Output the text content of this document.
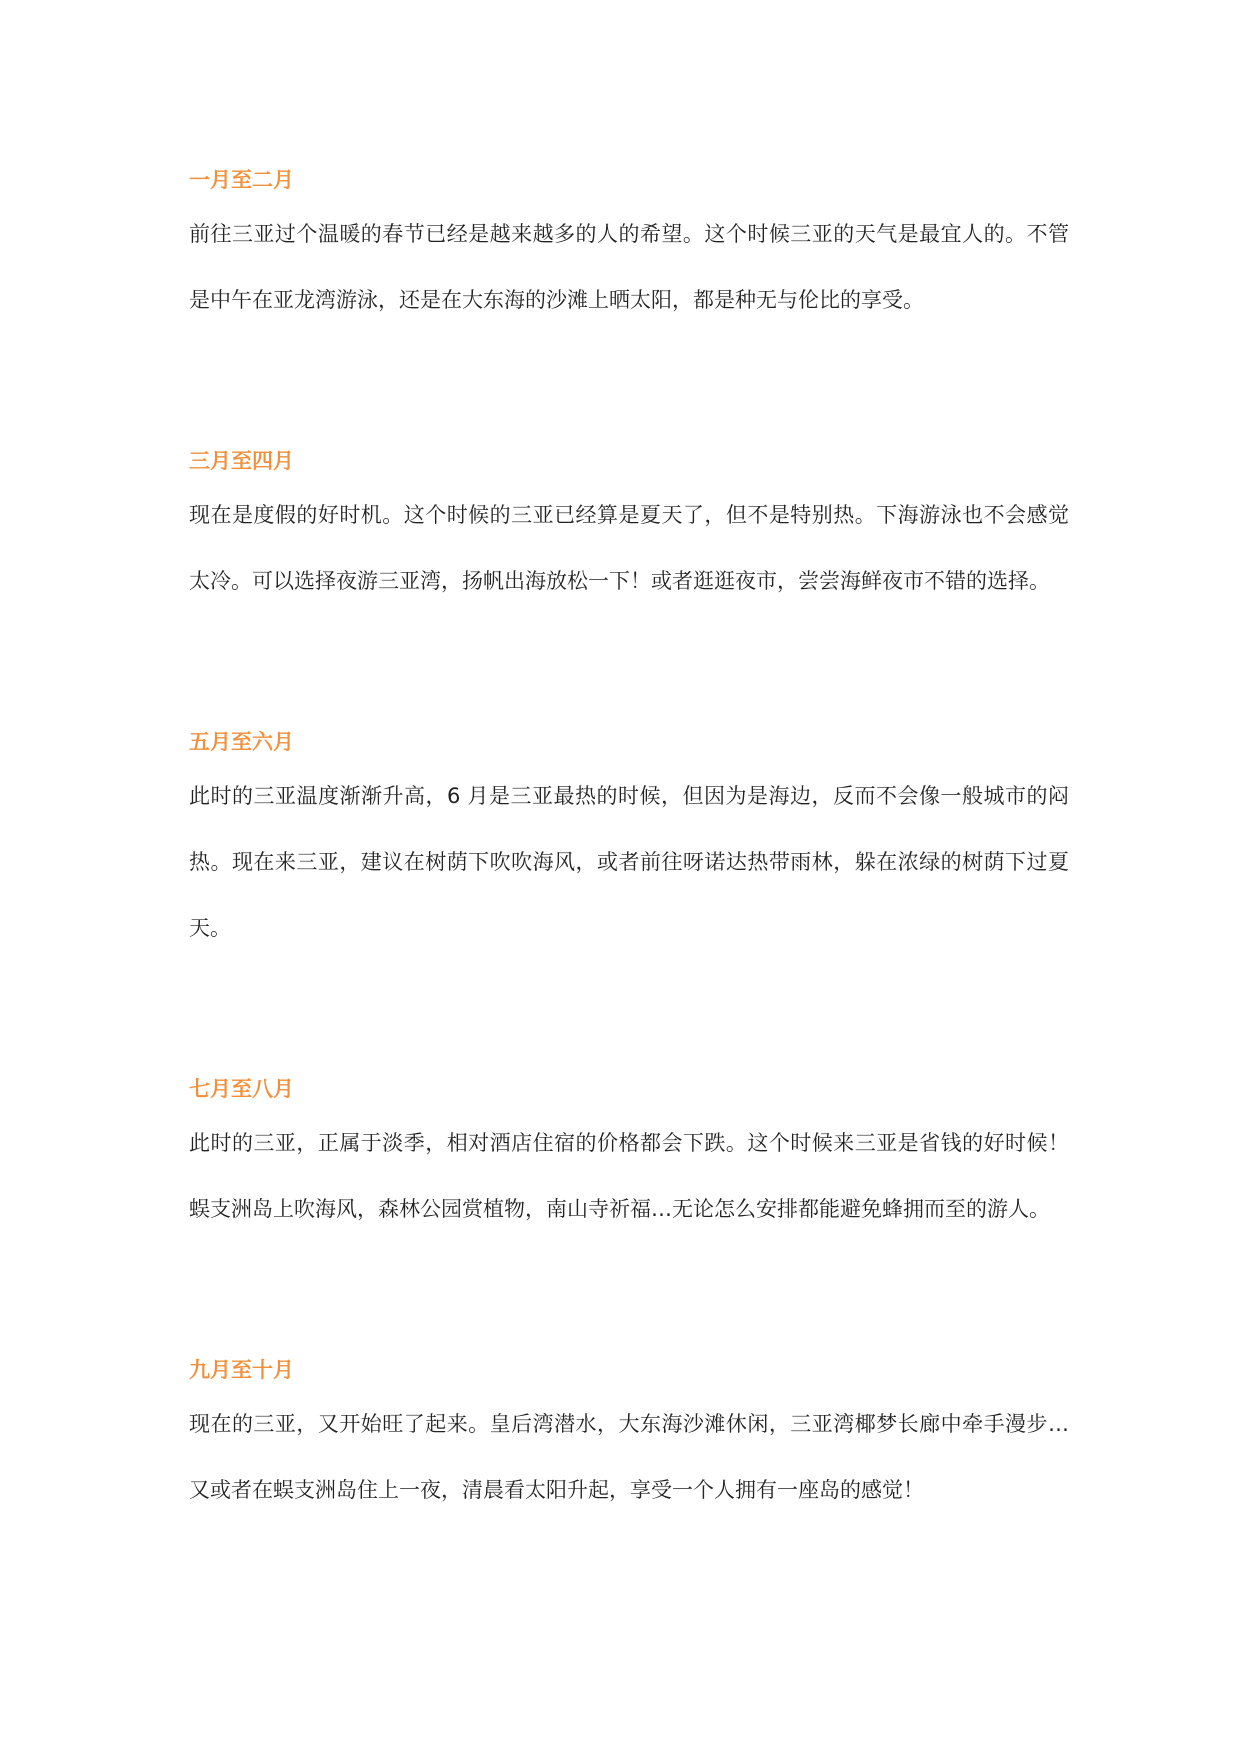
一月至二月

前往三亚过个温暖的春节已经是越来越多的人的希望。这个时候三亚的天气是最宜人的。不管是中午在亚龙湾游泳，还是在大东海的沙滩上晒太阳，都是种无与伦比的享受。

三月至四月

现在是度假的好时机。这个时候的三亚已经算是夏天了，但不是特别热。下海游泳也不会感觉太冷。可以选择夜游三亚湾，扬帆出海放松一下！或者逛逛夜市，尝尝海鲜夜市不错的选择。

五月至六月

此时的三亚温度渐渐升高，6 月是三亚最热的时候，但因为是海边，反而不会像一般城市的闷热。现在来三亚，建议在树荫下吹吹海风，或者前往呀诺达热带雨林，躲在浓绿的树荫下过夏天。

七月至八月

此时的三亚，正属于淡季，相对酒店住宿的价格都会下跌。这个时候来三亚是省钱的好时候！蜈支洲岛上吹海风，森林公园赏植物，南山寺祈福…无论怎么安排都能避免蜂拥而至的游人。

九月至十月

现在的三亚，又开始旺了起来。皇后湾潜水，大东海沙滩休闲，三亚湾椰梦长廊中牵手漫步…又或者在蜈支洲岛住上一夜，清晨看太阳升起，享受一个人拥有一座岛的感觉！
